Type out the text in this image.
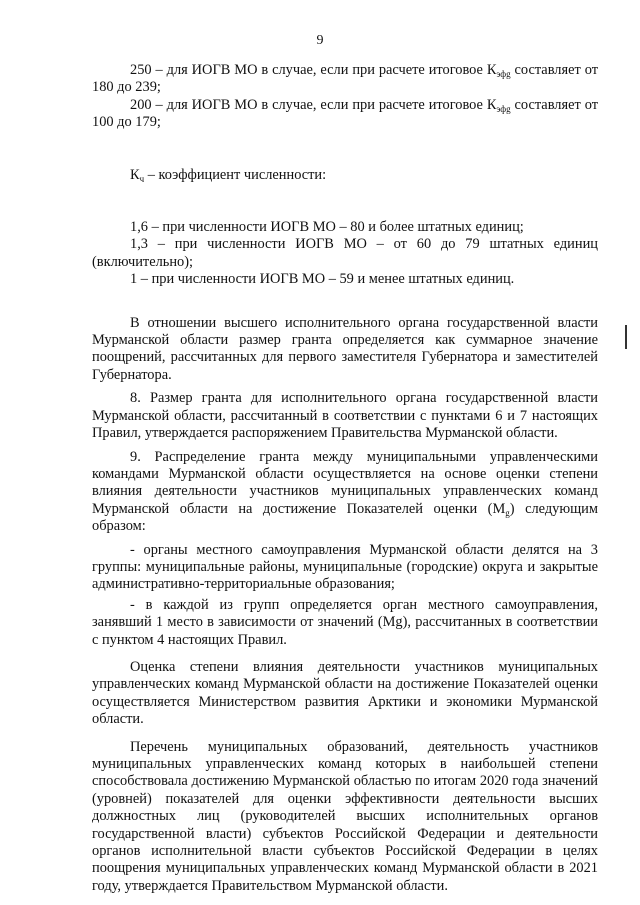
9

250 – для ИОГВ МО в случае, если при расчете итоговое $К_{эфg}$ составляет от 180 до 239;

200 – для ИОГВ МО в случае, если при расчете итоговое $К_{эфg}$ составляет от 100 до 179;

$К_ч$ – коэффициент численности:

1,6 – при численности ИОГВ МО – 80 и более штатных единиц;

1,3 – при численности ИОГВ МО – от 60 до 79 штатных единиц (включительно);

1 – при численности ИОГВ МО – 59 и менее штатных единиц.

В отношении высшего исполнительного органа государственной власти Мурманской области размер гранта определяется как суммарное значение поощрений, рассчитанных для первого заместителя Губернатора и заместителей Губернатора.

8. Размер гранта для исполнительного органа государственной власти Мурманской области, рассчитанный в соответствии с пунктами 6 и 7 настоящих Правил, утверждается распоряжением Правительства Мурманской области.

9. Распределение гранта между муниципальными управленческими командами Мурманской области осуществляется на основе оценки степени влияния деятельности участников муниципальных управленческих команд Мурманской области на достижение Показателей оценки $(М_g)$ следующим образом:

- органы местного самоуправления Мурманской области делятся на 3 группы: муниципальные районы, муниципальные (городские) округа и закрытые административно-территориальные образования;

- в каждой из групп определяется орган местного самоуправления, занявший 1 место в зависимости от значений (Mg), рассчитанных в соответствии с пунктом 4 настоящих Правил.

Оценка степени влияния деятельности участников муниципальных управленческих команд Мурманской области на достижение Показателей оценки осуществляется Министерством развития Арктики и экономики Мурманской области.

Перечень муниципальных образований, деятельность участников муниципальных управленческих команд которых в наибольшей степени способствовала достижению Мурманской областью по итогам 2020 года значений (уровней) показателей для оценки эффективности деятельности высших должностных лиц (руководителей высших исполнительных органов государственной власти) субъектов Российской Федерации и деятельности органов исполнительной власти субъектов Российской Федерации в целях поощрения муниципальных управленческих команд Мурманской области в 2021 году, утверждается Правительством Мурманской области.
